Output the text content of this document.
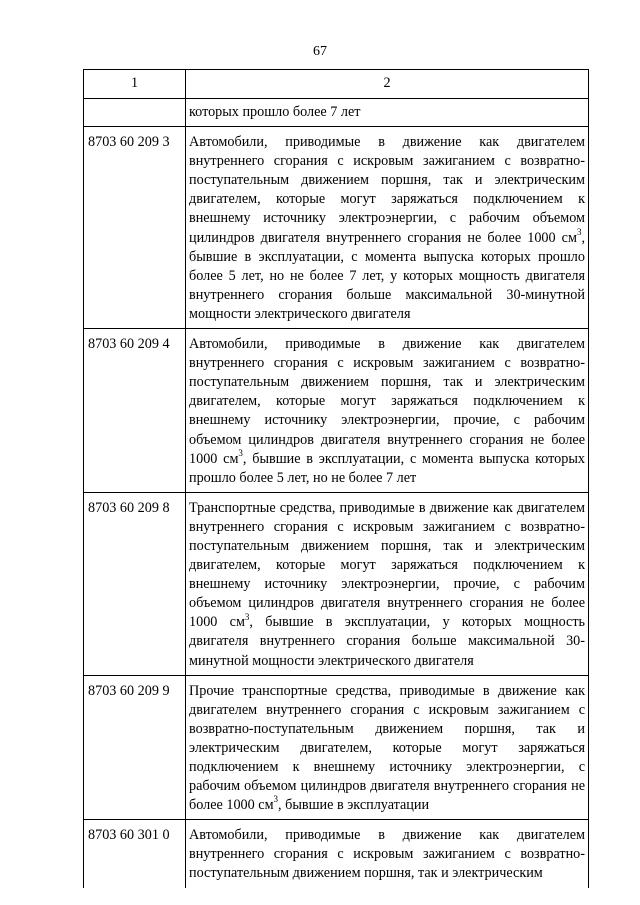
67
1	2
	которых прошло более 7 лет
8703 60 209 3	Автомобили, приводимые в движение как двигателем внутреннего сгорания с искровым зажиганием с возвратно-поступательным движением поршня, так и электрическим двигателем, которые могут заряжаться подключением к внешнему источнику электроэнергии, с рабочим объемом цилиндров двигателя внутреннего сгорания не более 1000 $см^3$, бывшие в эксплуатации, с момента выпуска которых прошло более 5 лет, но не более 7 лет, у которых мощность двигателя внутреннего сгорания больше максимальной 30-минутной мощности электрического двигателя
8703 60 209 4	Автомобили, приводимые в движение как двигателем внутреннего сгорания с искровым зажиганием с возвратно-поступательным движением поршня, так и электрическим двигателем, которые могут заряжаться подключением к внешнему источнику электроэнергии, прочие, с рабочим объемом цилиндров двигателя внутреннего сгорания не более 1000 $см^3$, бывшие в эксплуатации, с момента выпуска которых прошло более 5 лет, но не более 7 лет
8703 60 209 8	Транспортные средства, приводимые в движение как двигателем внутреннего сгорания с искровым зажиганием с возвратно-поступательным движением поршня, так и электрическим двигателем, которые могут заряжаться подключением к внешнему источнику электроэнергии, прочие, с рабочим объемом цилиндров двигателя внутреннего сгорания не более 1000 $см^3$, бывшие в эксплуатации, у которых мощность двигателя внутреннего сгорания больше максимальной 30-минутной мощности электрического двигателя
8703 60 209 9	Прочие транспортные средства, приводимые в движение как двигателем внутреннего сгорания с искровым зажиганием с возвратно-поступательным движением поршня, так и электрическим двигателем, которые могут заряжаться подключением к внешнему источнику электроэнергии, с рабочим объемом цилиндров двигателя внутреннего сгорания не более 1000 $см^3$, бывшие в эксплуатации
8703 60 301 0	Автомобили, приводимые в движение как двигателем внутреннего сгорания с искровым зажиганием с возвратно-поступательным движением поршня, так и электрическим
